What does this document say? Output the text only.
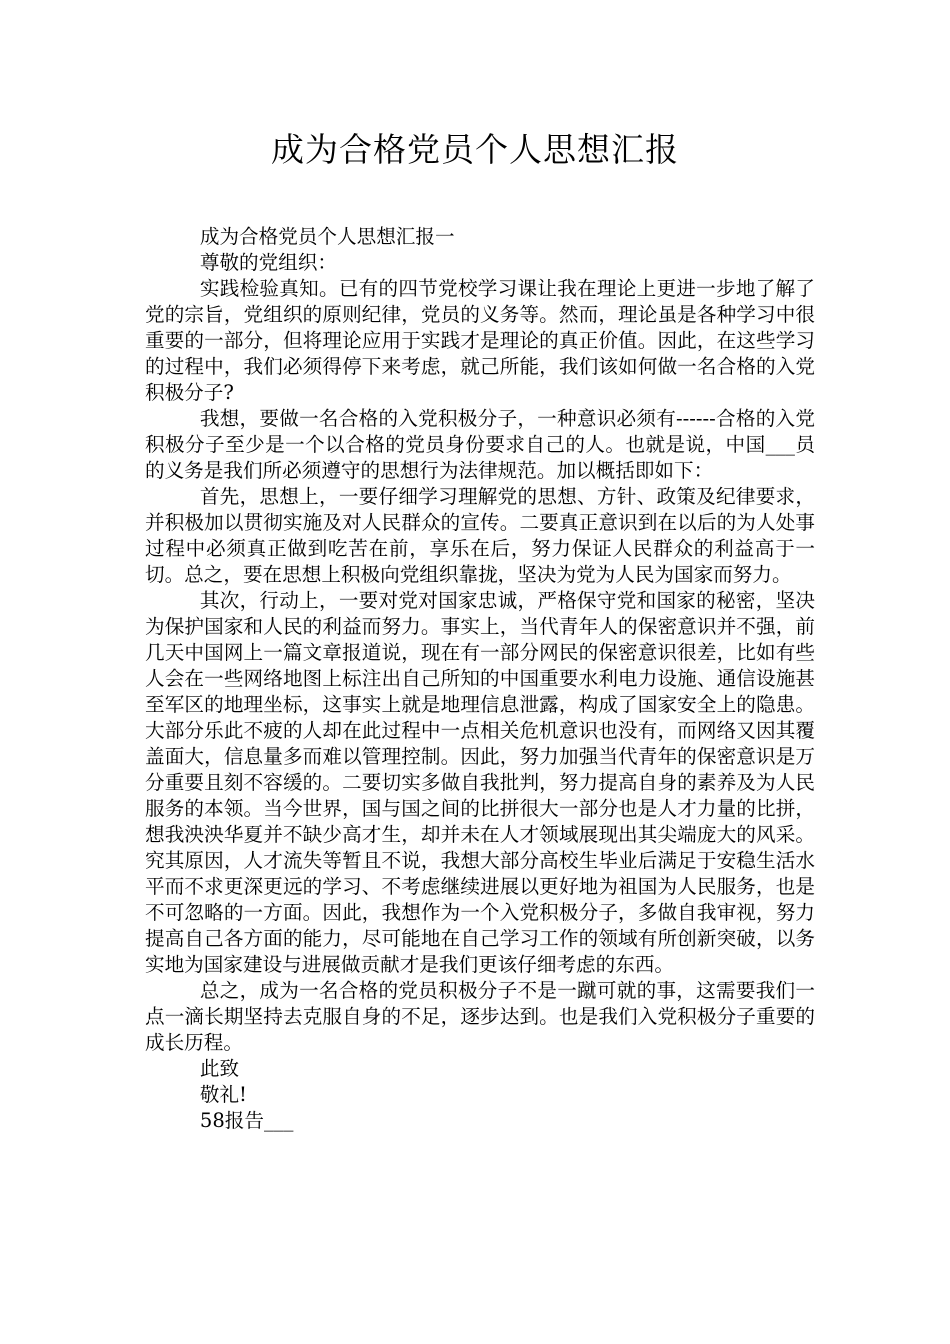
成为合格党员个人思想汇报

成为合格党员个人思想汇报一

尊敬的党组织：

实践检验真知。已有的四节党校学习课让我在理论上更进一步地了解了党的宗旨，党组织的原则纪律，党员的义务等。然而，理论虽是各种学习中很重要的一部分，但将理论应用于实践才是理论的真正价值。因此，在这些学习的过程中，我们必须得停下来考虑，就己所能，我们该如何做一名合格的入党积极分子?

我想，要做一名合格的入党积极分子，一种意识必须有------合格的入党积极分子至少是一个以合格的党员身份要求自己的人。也就是说，中国___员的义务是我们所必须遵守的思想行为法律规范。加以概括即如下：

首先，思想上，一要仔细学习理解党的思想、方针、政策及纪律要求，并积极加以贯彻实施及对人民群众的宣传。二要真正意识到在以后的为人处事过程中必须真正做到吃苦在前，享乐在后，努力保证人民群众的利益高于一切。总之，要在思想上积极向党组织靠拢，坚决为党为人民为国家而努力。

其次，行动上，一要对党对国家忠诚，严格保守党和国家的秘密，坚决为保护国家和人民的利益而努力。事实上，当代青年人的保密意识并不强，前几天中国网上一篇文章报道说，现在有一部分网民的保密意识很差，比如有些人会在一些网络地图上标注出自己所知的中国重要水利电力设施、通信设施甚至军区的地理坐标，这事实上就是地理信息泄露，构成了国家安全上的隐患。大部分乐此不疲的人却在此过程中一点相关危机意识也没有，而网络又因其覆盖面大，信息量多而难以管理控制。因此，努力加强当代青年的保密意识是万分重要且刻不容缓的。二要切实多做自我批判，努力提高自身的素养及为人民服务的本领。当今世界，国与国之间的比拼很大一部分也是人才力量的比拼，想我泱泱华夏并不缺少高才生，却并未在人才领域展现出其尖端庞大的风采。究其原因，人才流失等暂且不说，我想大部分高校生毕业后满足于安稳生活水平而不求更深更远的学习、不考虑继续进展以更好地为祖国为人民服务，也是不可忽略的一方面。因此，我想作为一个入党积极分子，多做自我审视，努力提高自己各方面的能力，尽可能地在自己学习工作的领域有所创新突破，以务实地为国家建设与进展做贡献才是我们更该仔细考虑的东西。

总之，成为一名合格的党员积极分子不是一蹴可就的事，这需要我们一点一滴长期坚持去克服自身的不足，逐步达到。也是我们入党积极分子重要的成长历程。

此致

敬礼!

58报告___
